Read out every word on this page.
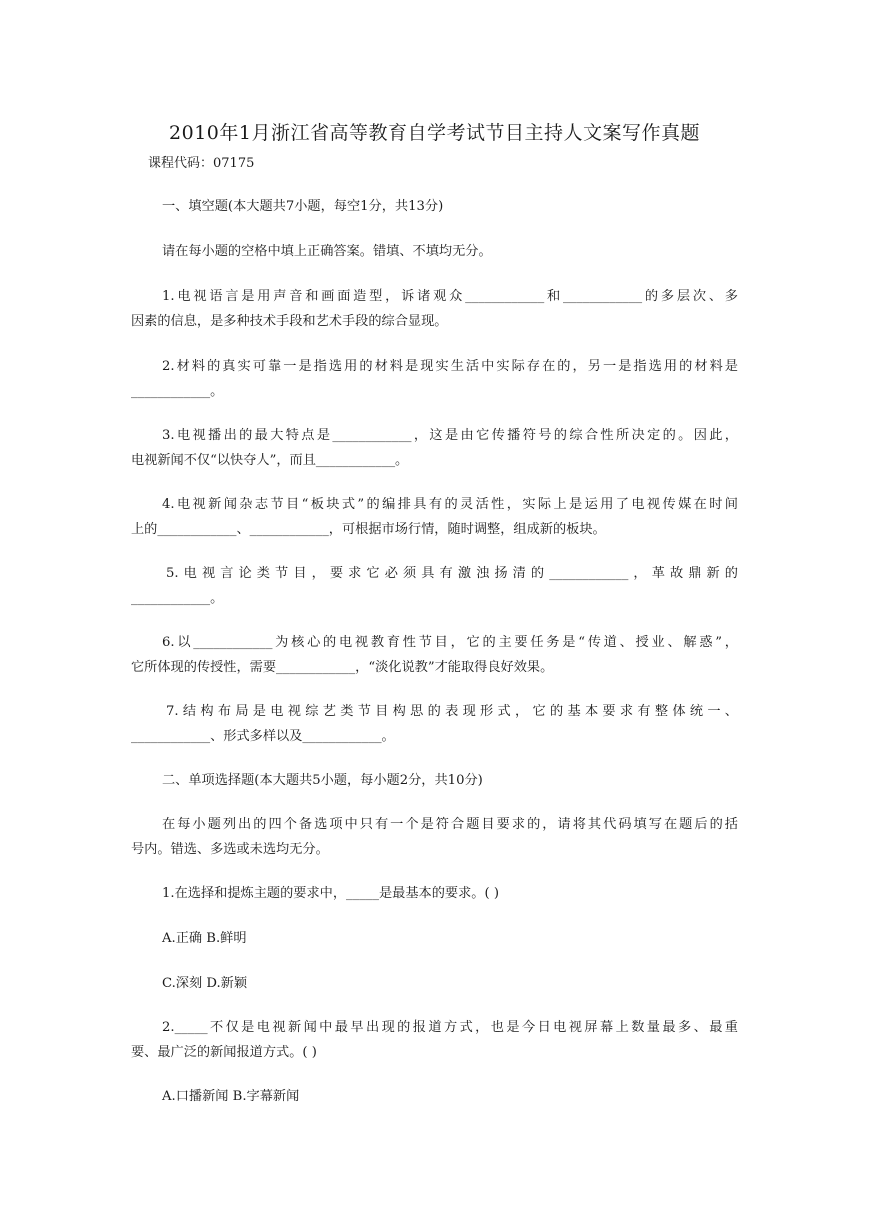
2010年1月浙江省高等教育自学考试节目主持人文案写作真题
课程代码：07175
一、填空题(本大题共7小题，每空1分，共13分)
请在每小题的空格中填上正确答案。错填、不填均无分。
1.电视语言是用声音和画面造型，诉诸观众____________和____________的多层次、多
因素的信息，是多种技术手段和艺术手段的综合显现。
2.材料的真实可靠一是指选用的材料是现实生活中实际存在的，另一是指选用的材料是
____________。
3.电视播出的最大特点是____________，这是由它传播符号的综合性所决定的。因此，
电视新闻不仅“以快夺人”，而且____________。
4.电视新闻杂志节目“板块式”的编排具有的灵活性，实际上是运用了电视传媒在时间
上的____________、____________，可根据市场行情，随时调整，组成新的板块。
5.电视言论类节目，要求它必须具有激浊扬清的____________，革故鼎新的
____________。
6.以____________为核心的电视教育性节目，它的主要任务是“传道、授业、解惑”，
它所体现的传授性，需要____________，“淡化说教”才能取得良好效果。
7.结构布局是电视综艺类节目构思的表现形式，它的基本要求有整体统一、
____________、形式多样以及____________。
二、单项选择题(本大题共5小题，每小题2分，共10分)
在每小题列出的四个备选项中只有一个是符合题目要求的，请将其代码填写在题后的括
号内。错选、多选或未选均无分。
1.在选择和提炼主题的要求中，_____是最基本的要求。( )
A.正确 B.鲜明
C.深刻 D.新颖
2._____不仅是电视新闻中最早出现的报道方式，也是今日电视屏幕上数量最多、最重
要、最广泛的新闻报道方式。( )
A.口播新闻 B.字幕新闻
